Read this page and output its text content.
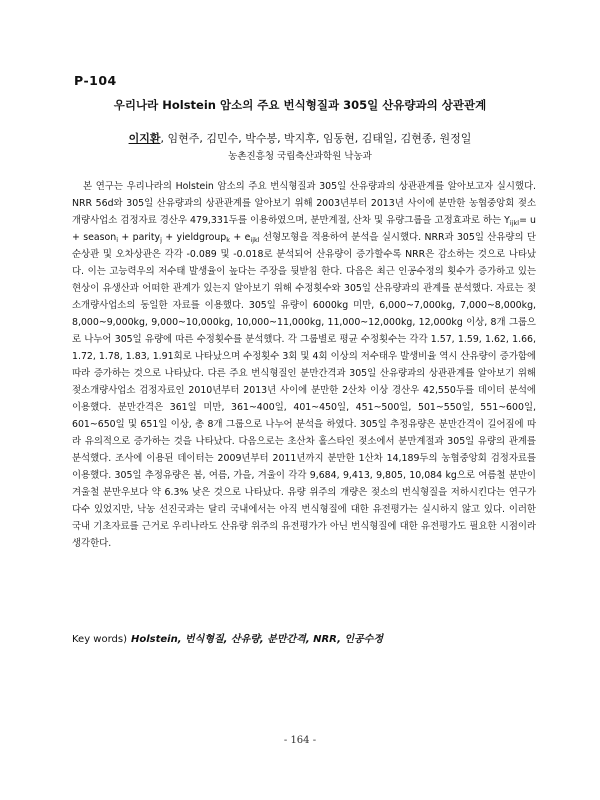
P-104
우리나라 Holstein 암소의 주요 번식형질과 305일 산유량과의 상관관계
이지환, 임현주, 김민수, 박수봉, 박지후, 임동현, 김태일, 김현종, 원정일
농촌진흥청 국립축산과학원 낙농과

본 연구는 우리나라의 Holstein 암소의 주요 번식형질과 305일 산유량과의 상관관계를 알아보고자 실시했다. NRR 56d와 305일 산유량과의 상관관계를 알아보기 위해 2003년부터 2013년 사이에 분만한 농협중앙회 젖소개량사업소 검정자료 경산우 479,331두를 이용하였으며, 분만계절, 산차 및 유량그룹을 고정효과로 하는 $Y_{ijkl}= u$ + season$_i$ + parity$_j$ + yieldgroup$_k$ + $e_{ijkl}$ 선형모형을 적용하여 분석을 실시했다. NRR과 305일 산유량의 단순상관 및 오차상관은 각각 -0.089 및 -0.018로 분석되어 산유량이 증가할수록 NRR은 감소하는 것으로 나타났다. 이는 고능력우의 저수태 발생율이 높다는 주장을 뒷받침 한다. 다음은 최근 인공수정의 횟수가 증가하고 있는 현상이 유생산과 어떠한 관계가 있는지 알아보기 위해 수정횟수와 305일 산유량과의 관계를 분석했다. 자료는 젖소개량사업소의 동일한 자료를 이용했다. 305일 유량이 6000kg 미만, 6,000~7,000kg, 7,000~8,000kg, 8,000~9,000kg, 9,000~10,000kg, 10,000~11,000kg, 11,000~12,000kg, 12,000kg 이상, 8개 그룹으로 나누어 305일 유량에 따른 수정횟수를 분석했다. 각 그룹별로 평균 수정횟수는 각각 1.57, 1.59, 1.62, 1.66, 1.72, 1.78, 1.83, 1.91회로 나타났으며 수정횟수 3회 및 4회 이상의 저수태우 발생비율 역시 산유량이 증가함에 따라 증가하는 것으로 나타났다. 다른 주요 번식형질인 분만간격과 305일 산유량과의 상관관계를 알아보기 위해 젖소개량사업소 검정자료인 2010년부터 2013년 사이에 분만한 2산차 이상 경산우 42,550두를 데이터 분석에 이용했다. 분만간격은 361일 미만, 361~400일, 401~450일, 451~500일, 501~550일, 551~600일, 601~650일 및 651일 이상, 총 8개 그룹으로 나누어 분석을 하였다. 305일 추정유량은 분만간격이 길어짐에 따라 유의적으로 증가하는 것을 나타났다. 다음으로는 초산차 홀스타인 젖소에서 분만계절과 305일 유량의 관계를 분석했다. 조사에 이용된 데이터는 2009년부터 2011년까지 분만한 1산차 14,189두의 농협중앙회 검정자료를 이용했다. 305일 추정유량은 봄, 여름, 가을, 겨울이 각각 9,684, 9,413, 9,805, 10,084 kg으로 여름철 분만이 겨울철 분만우보다 약 6.3% 낮은 것으로 나타났다. 유량 위주의 개량은 젖소의 번식형질을 저하시킨다는 연구가 다수 있었지만, 낙농 선진국과는 달리 국내에서는 아직 번식형질에 대한 유전평가는 실시하지 않고 있다. 이러한 국내 기초자료를 근거로 우리나라도 산유량 위주의 유전평가가 아닌 번식형질에 대한 유전평가도 필요한 시점이라 생각한다.

Key words) Holstein, 번식형질, 산유량, 분만간격, NRR, 인공수정
- 164 -
